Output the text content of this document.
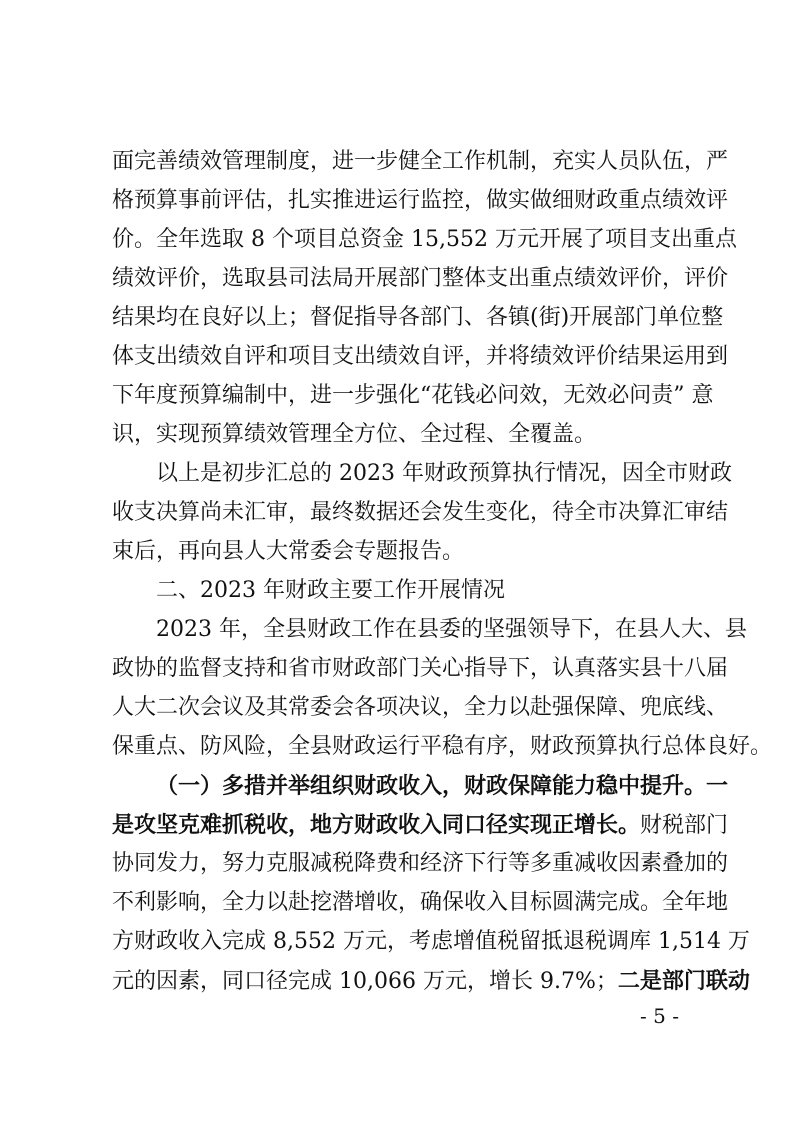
面完善绩效管理制度，进一步健全工作机制，充实人员队伍，严
格预算事前评估，扎实推进运行监控，做实做细财政重点绩效评
价。全年选取 8 个项目总资金 15,552 万元开展了项目支出重点
绩效评价，选取县司法局开展部门整体支出重点绩效评价，评价
结果均在良好以上；督促指导各部门、各镇(街)开展部门单位整
体支出绩效自评和项目支出绩效自评，并将绩效评价结果运用到
下年度预算编制中，进一步强化“花钱必问效，无效必问责” 意
识，实现预算绩效管理全方位、全过程、全覆盖。
以上是初步汇总的 2023 年财政预算执行情况，因全市财政
收支决算尚未汇审，最终数据还会发生变化，待全市决算汇审结
束后，再向县人大常委会专题报告。
二、2023 年财政主要工作开展情况
2023 年，全县财政工作在县委的坚强领导下，在县人大、县
政协的监督支持和省市财政部门关心指导下，认真落实县十八届
人大二次会议及其常委会各项决议，全力以赴强保障、兜底线、
保重点、防风险，全县财政运行平稳有序，财政预算执行总体良好。
（一）多措并举组织财政收入，财政保障能力稳中提升。一
是攻坚克难抓税收，地方财政收入同口径实现正增长。财税部门
协同发力，努力克服减税降费和经济下行等多重减收因素叠加的
不利影响，全力以赴挖潜增收，确保收入目标圆满完成。全年地
方财政收入完成 8,552 万元，考虑增值税留抵退税调库 1,514 万
元的因素，同口径完成 10,066 万元，增长 9.7%；二是部门联动
- 5 -
